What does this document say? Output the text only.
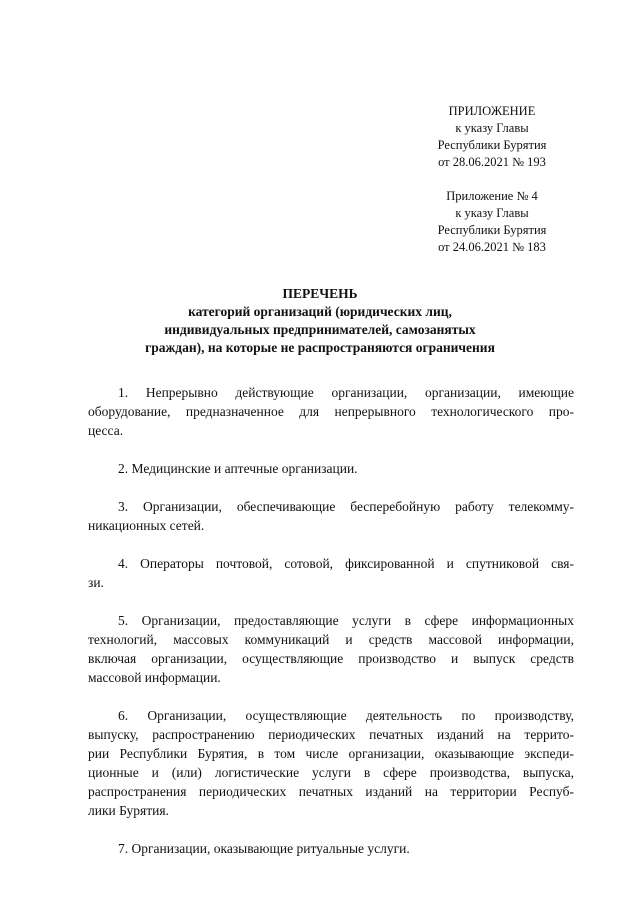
ПРИЛОЖЕНИЕ
к указу Главы
Республики Бурятия
от 28.06.2021 № 193
Приложение № 4
к указу Главы
Республики Бурятия
от 24.06.2021 № 183
ПЕРЕЧЕНЬ
категорий организаций (юридических лиц,
индивидуальных предпринимателей, самозанятых
граждан), на которые не распространяются ограничения
1. Непрерывно действующие организации, организации, имеющие
оборудование, предназначенное для непрерывного технологического про-
цесса.
2. Медицинские и аптечные организации.
3. Организации, обеспечивающие бесперебойную работу телекомму-
никационных сетей.
4. Операторы почтовой, сотовой, фиксированной и спутниковой свя-
зи.
5. Организации, предоставляющие услуги в сфере информационных
технологий, массовых коммуникаций и средств массовой информации,
включая организации, осуществляющие производство и выпуск средств
массовой информации.
6. Организации, осуществляющие деятельность по производству,
выпуску, распространению периодических печатных изданий на террито-
рии Республики Бурятия, в том числе организации, оказывающие экспеди-
ционные и (или) логистические услуги в сфере производства, выпуска,
распространения периодических печатных изданий на территории Респуб-
лики Бурятия.
7. Организации, оказывающие ритуальные услуги.
